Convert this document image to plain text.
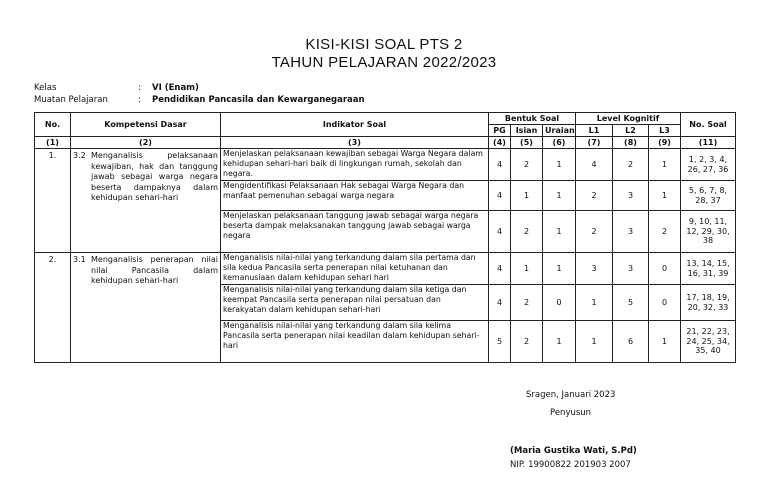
KISI-KISI SOAL PTS 2
TAHUN PELAJARAN 2022/2023
Kelas	: VI (Enam)
Muatan Pelajaran	: Pendidikan Pancasila dan Kewarganegaraan
No.	Kompetensi Dasar	Indikator Soal	Bentuk Soal			Level Kognitif			No. Soal
			PG	Isian	Uraian	L1	L2	L3	
(1)	(2)	(3)	(4)	(5)	(6)	(7)	(8)	(9)	(11)
1.	3.2 Menganalisis pelaksanaan kewajiban, hak dan tanggung jawab sebagai warga negara beserta dampaknya dalam kehidupan sehari-hari	Menjelaskan pelaksanaan kewajiban sebagai Warga Negara dalam kehidupan sehari-hari baik di lingkungan rumah, sekolah dan negara.	4	2	1	4	2	1	1, 2, 3, 4, 26, 27, 36
		Mengidentifikasi Pelaksanaan Hak sebagai Warga Negara dan manfaat pemenuhan sebagai warga negara	4	1	1	2	3	1	5, 6, 7, 8, 28, 37
		Menjelaskan pelaksanaan tanggung jawab sebagai warga negara beserta dampak melaksanakan tanggung jawab sebagai warga negara	4	2	1	2	3	2	9, 10, 11, 12, 29, 30, 38
2.	3.1 Menganalisis penerapan nilai nilai Pancasila dalam kehidupan sehari-hari	Menganalisis nilai-nilai yang terkandung dalam sila pertama dan sila kedua Pancasila serta penerapan nilai ketuhanan dan kemanusiaan dalam kehidupan sehari hari	4	1	1	3	3	0	13, 14, 15, 16, 31, 39
		Menganalisis nilai-nilai yang terkandung dalam sila ketiga dan keempat Pancasila serta penerapan nilai persatuan dan kerakyatan dalam kehidupan sehari-hari	4	2	0	1	5	0	17, 18, 19, 20, 32, 33
		Menganalisis nilai-nilai yang terkandung dalam sila kelima Pancasila serta penerapan nilai keadilan dalam kehidupan sehari-hari	5	2	1	1	6	1	21, 22, 23, 24, 25, 34, 35, 40
Sragen, Januari 2023
Penyusun
(Maria Gustika Wati, S.Pd)
NIP. 19900822 201903 2007
